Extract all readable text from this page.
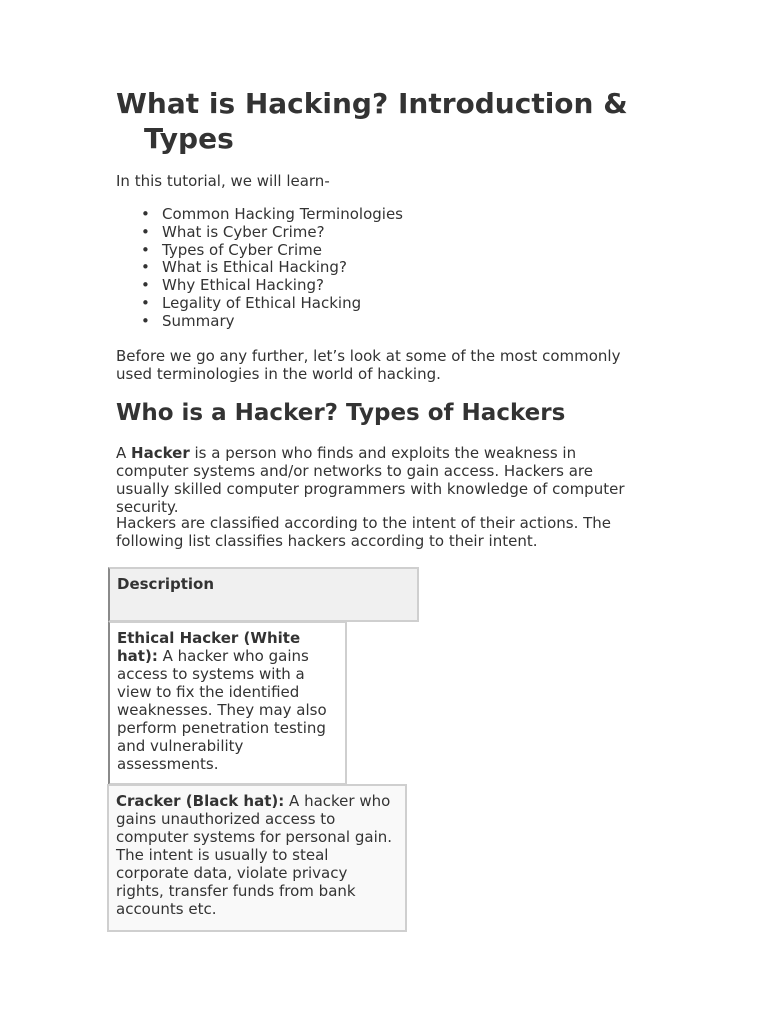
What is Hacking? Introduction &
Types

In this tutorial, we will learn-

• Common Hacking Terminologies
• What is Cyber Crime?
• Types of Cyber Crime
• What is Ethical Hacking?
• Why Ethical Hacking?
• Legality of Ethical Hacking
• Summary

Before we go any further, let’s look at some of the most commonly used terminologies in the world of hacking.

Who is a Hacker? Types of Hackers

A Hacker is a person who finds and exploits the weakness in computer systems and/or networks to gain access. Hackers are usually skilled computer programmers with knowledge of computer security.

Hackers are classified according to the intent of their actions. The following list classifies hackers according to their intent.

Description
Ethical Hacker (White hat): A hacker who gains access to systems with a view to fix the identified weaknesses. They may also perform penetration testing and vulnerability assessments.
Cracker (Black hat): A hacker who gains unauthorized access to computer systems for personal gain. The intent is usually to steal corporate data, violate privacy rights, transfer funds from bank accounts etc.
